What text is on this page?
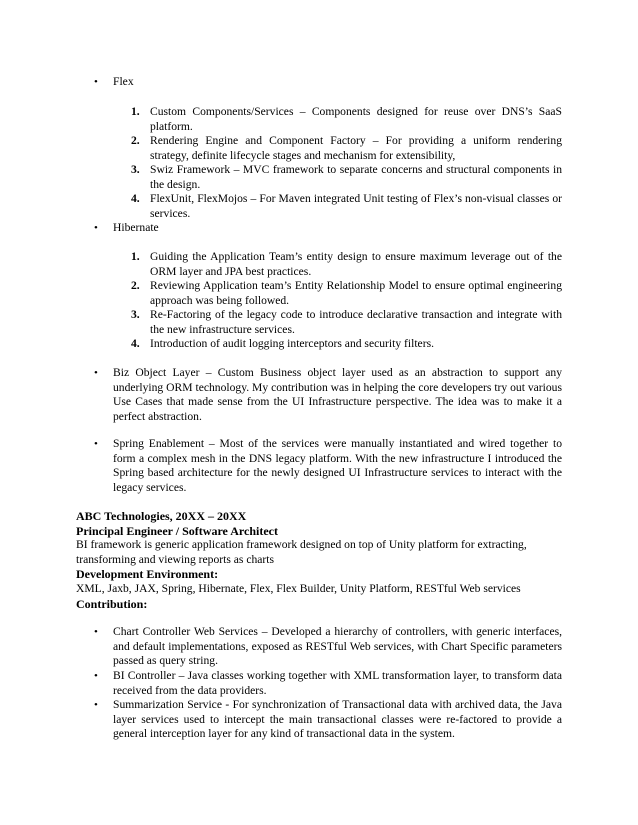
• Flex
1. Custom Components/Services – Components designed for reuse over DNS’s SaaS platform.
2. Rendering Engine and Component Factory – For providing a uniform rendering strategy, definite lifecycle stages and mechanism for extensibility,
3. Swiz Framework – MVC framework to separate concerns and structural components in the design.
4. FlexUnit, FlexMojos – For Maven integrated Unit testing of Flex’s non-visual classes or services.
• Hibernate
1. Guiding the Application Team’s entity design to ensure maximum leverage out of the ORM layer and JPA best practices.
2. Reviewing Application team’s Entity Relationship Model to ensure optimal engineering approach was being followed.
3. Re-Factoring of the legacy code to introduce declarative transaction and integrate with the new infrastructure services.
4. Introduction of audit logging interceptors and security filters.
• Biz Object Layer – Custom Business object layer used as an abstraction to support any underlying ORM technology. My contribution was in helping the core developers try out various Use Cases that made sense from the UI Infrastructure perspective. The idea was to make it a perfect abstraction.
• Spring Enablement – Most of the services were manually instantiated and wired together to form a complex mesh in the DNS legacy platform. With the new infrastructure I introduced the Spring based architecture for the newly designed UI Infrastructure services to interact with the legacy services.
ABC Technologies, 20XX – 20XX
Principal Engineer / Software Architect
BI framework is generic application framework designed on top of Unity platform for extracting, transforming and viewing reports as charts
Development Environment:
XML, Jaxb, JAX, Spring, Hibernate, Flex, Flex Builder, Unity Platform, RESTful Web services
Contribution:
• Chart Controller Web Services – Developed a hierarchy of controllers, with generic interfaces, and default implementations, exposed as RESTful Web services, with Chart Specific parameters passed as query string.
• BI Controller – Java classes working together with XML transformation layer, to transform data received from the data providers.
• Summarization Service - For synchronization of Transactional data with archived data, the Java layer services used to intercept the main transactional classes were re-factored to provide a general interception layer for any kind of transactional data in the system.
